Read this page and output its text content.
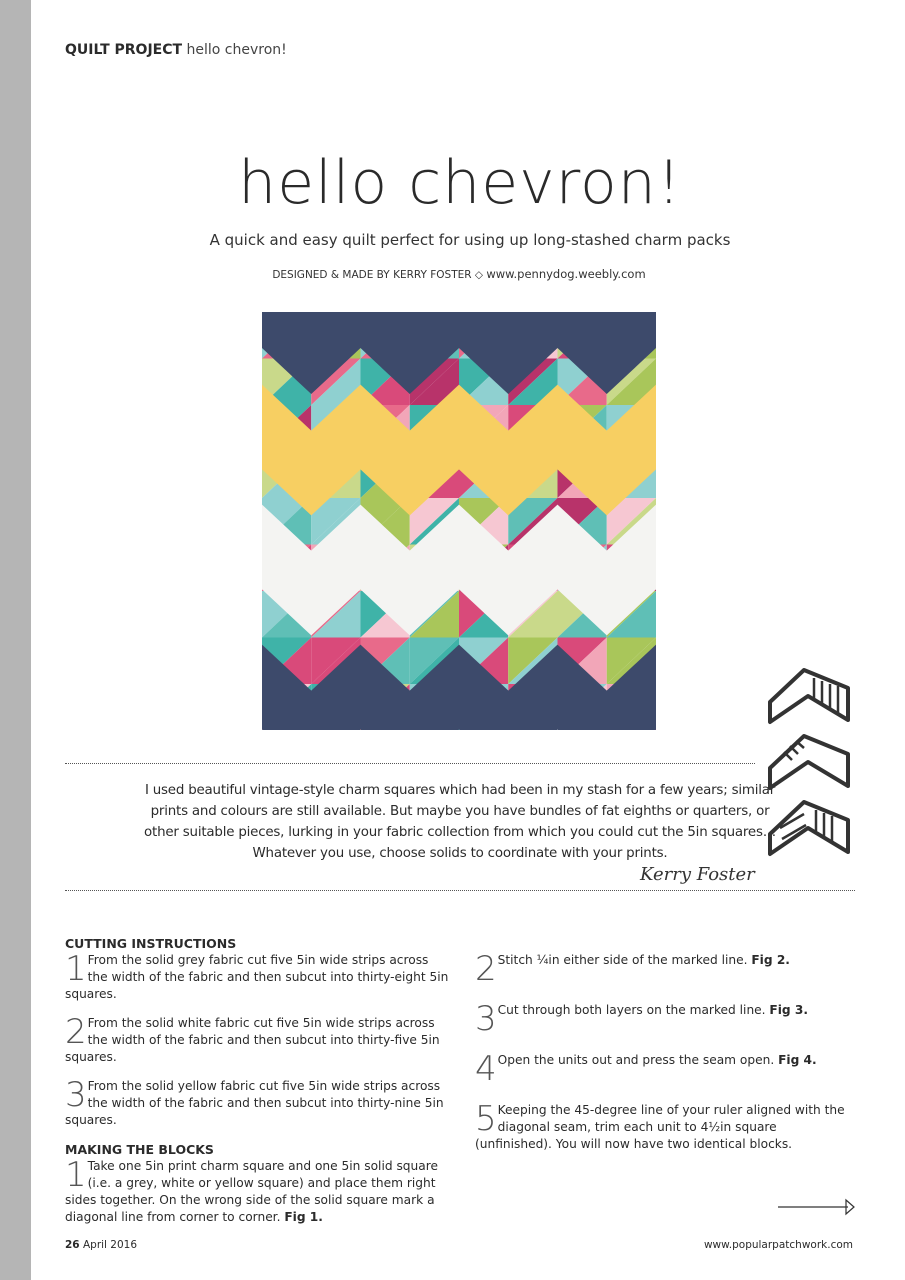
QUILT PROJECT hello chevron!
hello chevron!
A quick and easy quilt perfect for using up long-stashed charm packs
DESIGNED & MADE BY KERRY FOSTER ◇ www.pennydog.weebly.com
I used beautiful vintage-style charm squares which had been in my stash for a few years; similar prints and colours are still available. But maybe you have bundles of fat eighths or quarters, or other suitable pieces, lurking in your fabric collection from which you could cut the 5in squares… Whatever you use, choose solids to coordinate with your prints.
Kerry Foster
CUTTING INSTRUCTIONS

1 From the solid grey fabric cut five 5in wide strips across the width of the fabric and then subcut into thirty-eight 5in squares.

2 From the solid white fabric cut five 5in wide strips across the width of the fabric and then subcut into thirty-five 5in squares.

3 From the solid yellow fabric cut five 5in wide strips across the width of the fabric and then subcut into thirty-nine 5in squares.

MAKING THE BLOCKS

1 Take one 5in print charm square and one 5in solid square (i.e. a grey, white or yellow square) and place them right sides together. On the wrong side of the solid square mark a diagonal line from corner to corner. Fig 1.

2 Stitch ¼in either side of the marked line. Fig 2.

3 Cut through both layers on the marked line. Fig 3.

4 Open the units out and press the seam open. Fig 4.

5 Keeping the 45-degree line of your ruler aligned with the diagonal seam, trim each unit to 4½in square (unfinished). You will now have two identical blocks.

26 April 2016	www.popularpatchwork.com
